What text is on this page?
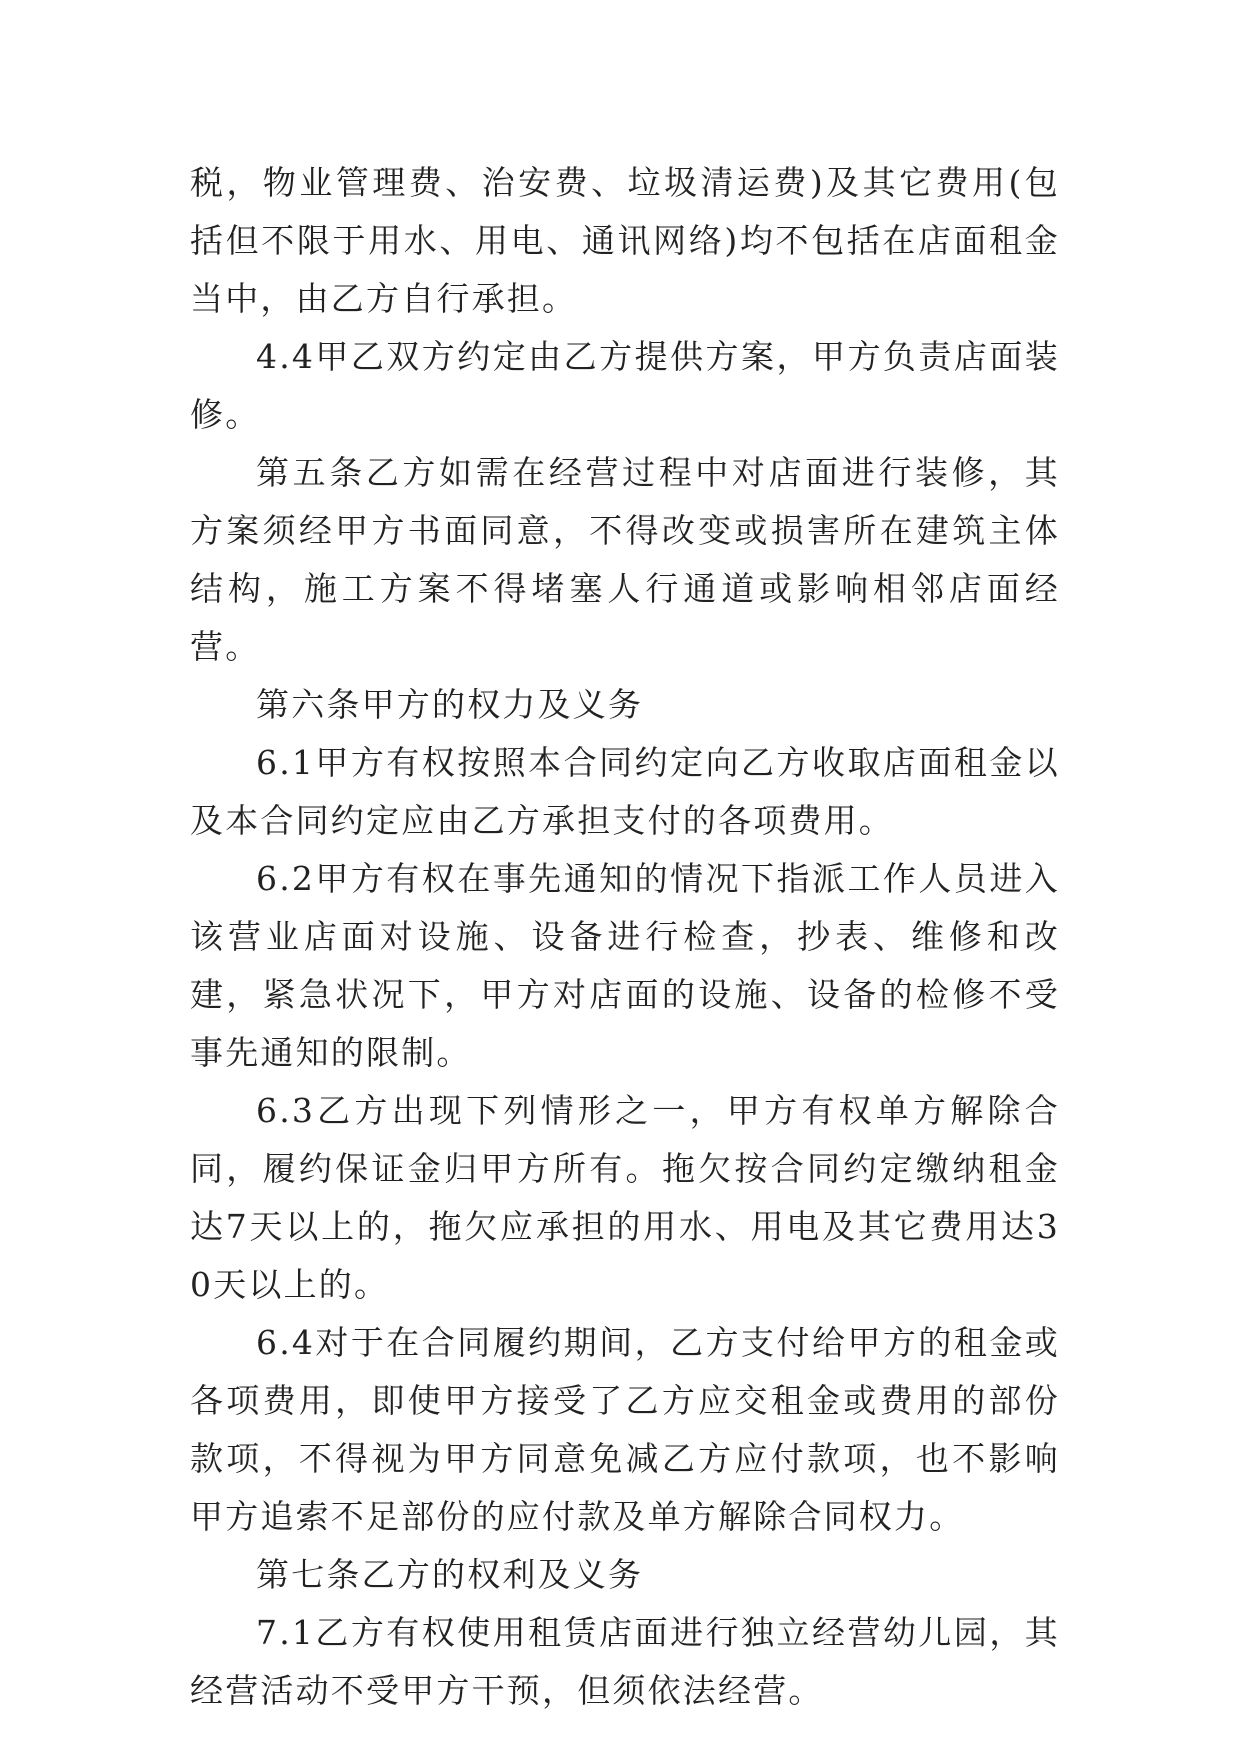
税，物业管理费、治安费、垃圾清运费)及其它费用(包括但不限于用水、用电、通讯网络)均不包括在店面租金当中，由乙方自行承担。

4.4甲乙双方约定由乙方提供方案，甲方负责店面装修。

第五条乙方如需在经营过程中对店面进行装修，其方案须经甲方书面同意，不得改变或损害所在建筑主体结构，施工方案不得堵塞人行通道或影响相邻店面经营。

第六条甲方的权力及义务

6.1甲方有权按照本合同约定向乙方收取店面租金以及本合同约定应由乙方承担支付的各项费用。

6.2甲方有权在事先通知的情况下指派工作人员进入该营业店面对设施、设备进行检查，抄表、维修和改建，紧急状况下，甲方对店面的设施、设备的检修不受事先通知的限制。

6.3乙方出现下列情形之一，甲方有权单方解除合同，履约保证金归甲方所有。拖欠按合同约定缴纳租金达7天以上的，拖欠应承担的用水、用电及其它费用达30天以上的。

6.4对于在合同履约期间，乙方支付给甲方的租金或各项费用，即使甲方接受了乙方应交租金或费用的部份款项，不得视为甲方同意免减乙方应付款项，也不影响甲方追索不足部份的应付款及单方解除合同权力。

第七条乙方的权利及义务

7.1乙方有权使用租赁店面进行独立经营幼儿园，其经营活动不受甲方干预，但须依法经营。
